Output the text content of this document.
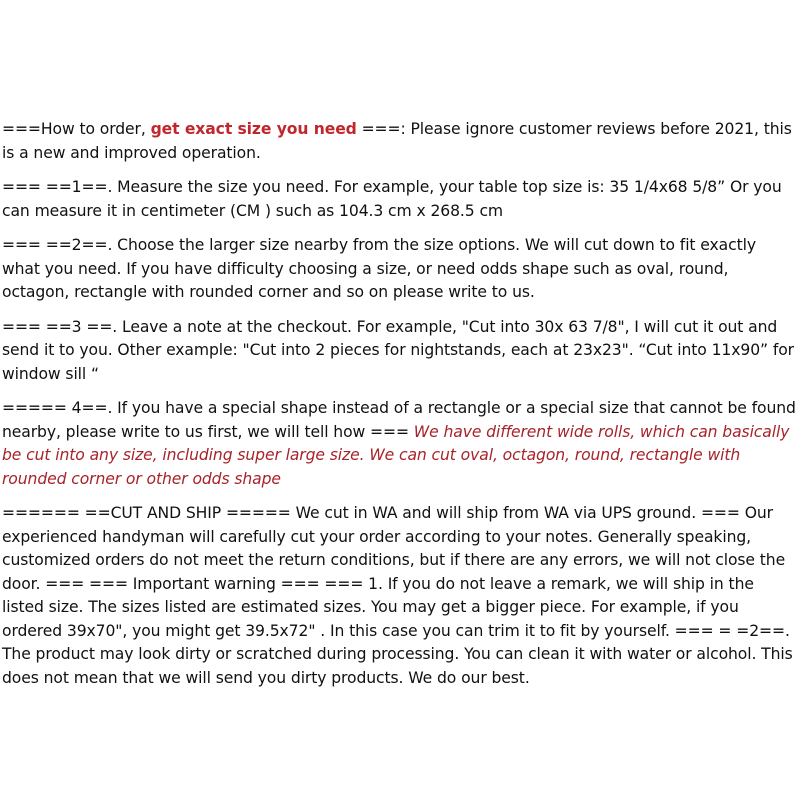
===How to order, get exact size you need ===: Please ignore customer reviews before 2021, this is a new and improved operation.

=== ==1==. Measure the size you need. For example, your table top size is: 35 1/4x68 5/8” Or you can measure it in centimeter (CM ) such as 104.3 cm x 268.5 cm

=== ==2==. Choose the larger size nearby from the size options. We will cut down to fit exactly what you need. If you have difficulty choosing a size, or need odds shape such as oval, round, octagon, rectangle with rounded corner and so on please write to us.

=== ==3 ==. Leave a note at the checkout. For example, "Cut into 30x 63 7/8", I will cut it out and send it to you. Other example: "Cut into 2 pieces for nightstands, each at 23x23". “Cut into 11x90” for window sill “

===== 4==. If you have a special shape instead of a rectangle or a special size that cannot be found nearby, please write to us first, we will tell how === We have different wide rolls, which can basically be cut into any size, including super large size. We can cut oval, octagon, round, rectangle with rounded corner or other odds shape

====== ==CUT AND SHIP ===== We cut in WA and will ship from WA via UPS ground. === Our experienced handyman will carefully cut your order according to your notes. Generally speaking, customized orders do not meet the return conditions, but if there are any errors, we will not close the door. === === Important warning === === 1. If you do not leave a remark, we will ship in the listed size. The sizes listed are estimated sizes. You may get a bigger piece. For example, if you ordered 39x70", you might get 39.5x72" . In this case you can trim it to fit by yourself. === = =2==. The product may look dirty or scratched during processing. You can clean it with water or alcohol. This does not mean that we will send you dirty products. We do our best.
